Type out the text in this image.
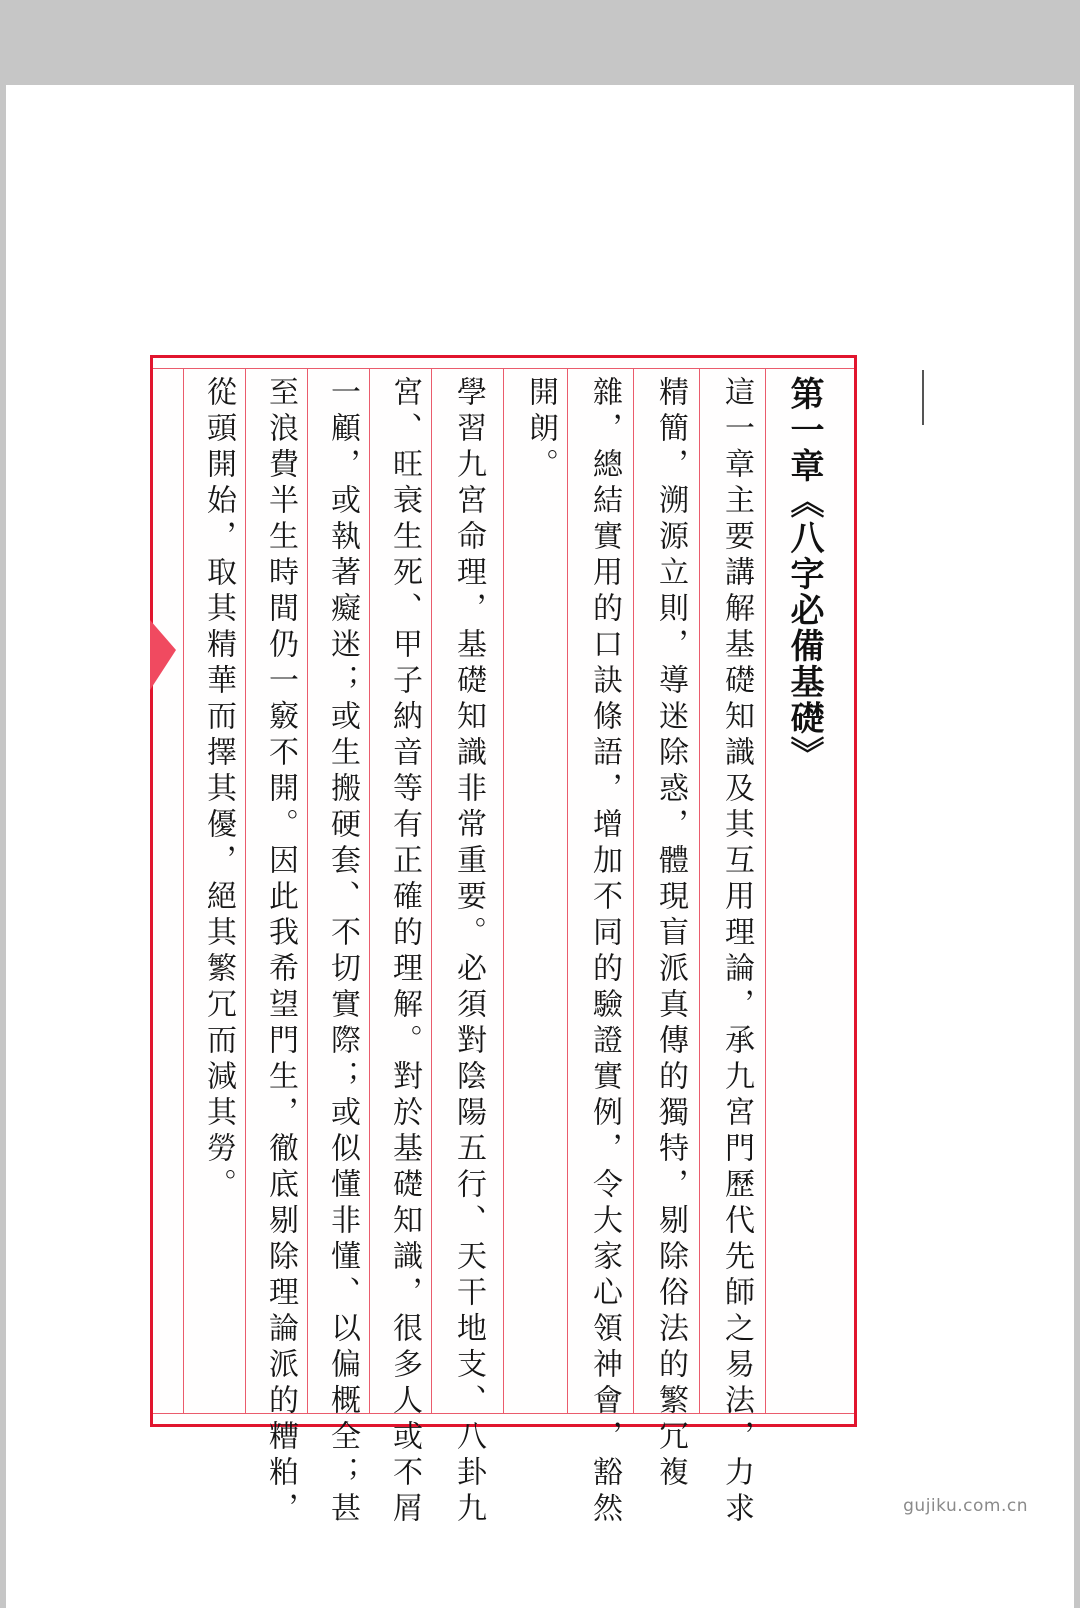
第一章《八字必備基礎》
這一章主要講解基礎知識及其互用理論，承九宮門歷代先師之易法，力求
精簡，溯源立則，導迷除惑，體現盲派真傳的獨特，剔除俗法的繁冗複
雜，總結實用的口訣條語，增加不同的驗證實例，令大家心領神會，豁然
開朗。
學習九宮命理，基礎知識非常重要。必須對陰陽五行、天干地支、八卦九
宮、旺衰生死、甲子納音等有正確的理解。對於基礎知識，很多人或不屑
一顧，或執著癡迷；或生搬硬套、不切實際；或似懂非懂、以偏概全；甚
至浪費半生時間仍一竅不開。因此我希望門生，徹底剔除理論派的糟粕，
從頭開始，取其精華而擇其優，絕其繁冗而減其勞。
gujiku.com.cn
